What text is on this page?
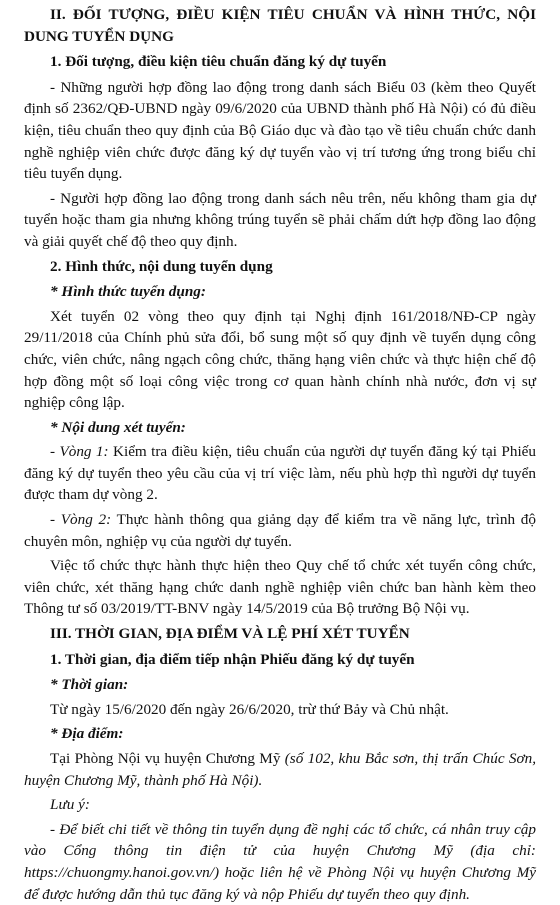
II. ĐỐI TƯỢNG, ĐIỀU KIỆN TIÊU CHUẨN VÀ HÌNH THỨC, NỘI DUNG TUYỂN DỤNG

1. Đối tượng, điều kiện tiêu chuẩn đăng ký dự tuyển

- Những người hợp đồng lao động trong danh sách Biểu 03 (kèm theo Quyết định số 2362/QĐ-UBND ngày 09/6/2020 của UBND thành phố Hà Nội) có đủ điều kiện, tiêu chuẩn theo quy định của Bộ Giáo dục và đào tạo về tiêu chuẩn chức danh nghề nghiệp viên chức được đăng ký dự tuyển vào vị trí tương ứng trong biểu chỉ tiêu tuyển dụng.

- Người hợp đồng lao động trong danh sách nêu trên, nếu không tham gia dự tuyển hoặc tham gia nhưng không trúng tuyển sẽ phải chấm dứt hợp đồng lao động và giải quyết chế độ theo quy định.

2. Hình thức, nội dung tuyển dụng

* Hình thức tuyển dụng:

Xét tuyển 02 vòng theo quy định tại Nghị định 161/2018/NĐ-CP ngày 29/11/2018 của Chính phủ sửa đổi, bổ sung một số quy định về tuyển dụng công chức, viên chức, nâng ngạch công chức, thăng hạng viên chức và thực hiện chế độ hợp đồng một số loại công việc trong cơ quan hành chính nhà nước, đơn vị sự nghiệp công lập.

* Nội dung xét tuyển:

- Vòng 1: Kiểm tra điều kiện, tiêu chuẩn của người dự tuyển đăng ký tại Phiếu đăng ký dự tuyển theo yêu cầu của vị trí việc làm, nếu phù hợp thì người dự tuyển được tham dự vòng 2.

- Vòng 2: Thực hành thông qua giảng dạy để kiểm tra về năng lực, trình độ chuyên môn, nghiệp vụ của người dự tuyển.

Việc tổ chức thực hành thực hiện theo Quy chế tổ chức xét tuyển công chức, viên chức, xét thăng hạng chức danh nghề nghiệp viên chức ban hành kèm theo Thông tư số 03/2019/TT-BNV ngày 14/5/2019 của Bộ trưởng Bộ Nội vụ.

III. THỜI GIAN, ĐỊA ĐIỂM VÀ LỆ PHÍ XÉT TUYỂN

1. Thời gian, địa điểm tiếp nhận Phiếu đăng ký dự tuyển

* Thời gian:

Từ ngày 15/6/2020 đến ngày 26/6/2020, trừ thứ Bảy và Chủ nhật.

* Địa điểm:

Tại Phòng Nội vụ huyện Chương Mỹ (số 102, khu Bắc sơn, thị trấn Chúc Sơn, huyện Chương Mỹ, thành phố Hà Nội).

Lưu ý:

- Để biết chi tiết về thông tin tuyển dụng đề nghị các tổ chức, cá nhân truy cập vào Cổng thông tin điện tử của huyện Chương Mỹ (địa chỉ: https://chuongmy.hanoi.gov.vn/) hoặc liên hệ về Phòng Nội vụ huyện Chương Mỹ để được hướng dẫn thủ tục đăng ký và nộp Phiếu dự tuyển theo quy định.
